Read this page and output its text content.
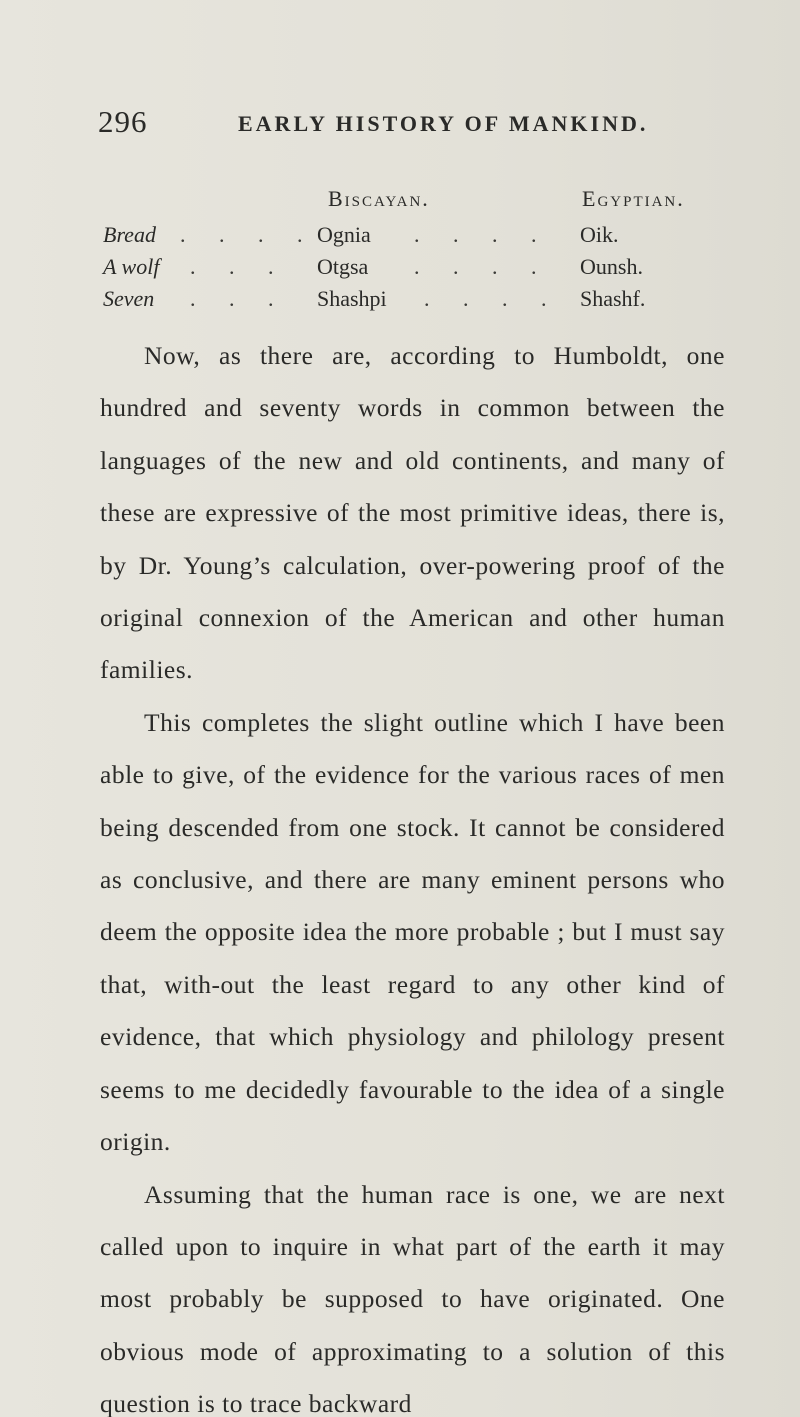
296	EARLY HISTORY OF MANKIND.
Biscayan.	Egyptian.
Bread . . . . Ognia . . . . Oik.
A wolf . . . Otgsa . . . . Ounsh.
Seven . . . Shashpi . . . . Shashf.

Now, as there are, according to Humboldt, one hundred and seventy words in common between the languages of the new and old continents, and many of these are expressive of the most primitive ideas, there is, by Dr. Young’s calculation, over-powering proof of the original connexion of the American and other human families.

This completes the slight outline which I have been able to give, of the evidence for the various races of men being descended from one stock. It cannot be considered as conclusive, and there are many eminent persons who deem the opposite idea the more probable ; but I must say that, with-out the least regard to any other kind of evidence, that which physiology and philology present seems to me decidedly favourable to the idea of a single origin.

Assuming that the human race is one, we are next called upon to inquire in what part of the earth it may most probably be supposed to have originated. One obvious mode of approximating to a solution of this question is to trace backward
